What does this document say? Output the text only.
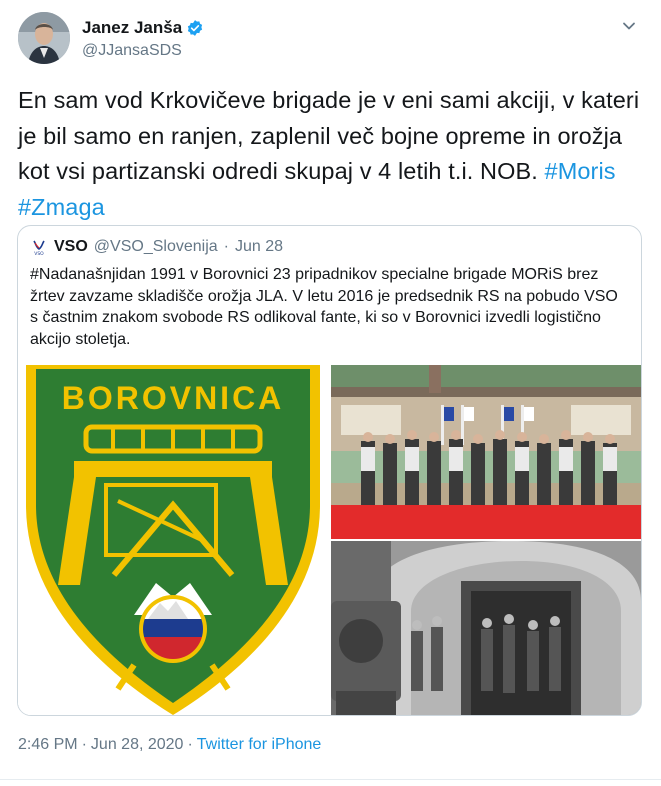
Janez Janša
@JJansaSDS
En sam vod Krkovičeve brigade je v eni sami akciji, v kateri je bil samo en ranjen, zaplenil več bojne opreme in orožja kot vsi partizanski odredi skupaj v 4 letih t.i. NOB. #Moris #Zmaga
VSO VSO @VSO_Slovenija · Jun 28
#Nadanašnjidan 1991 v Borovnici 23 pripadnikov specialne brigade MORiS brez žrtev zavzame skladišče orožja JLA. V letu 2016 je predsednik RS na pobudo VSO s častnim znakom svobode RS odlikoval fante, ki so v Borovnici izvedli logistično akcijo stoletja.
BOROVNICA
2:46 PM · Jun 28, 2020 · Twitter for iPhone
